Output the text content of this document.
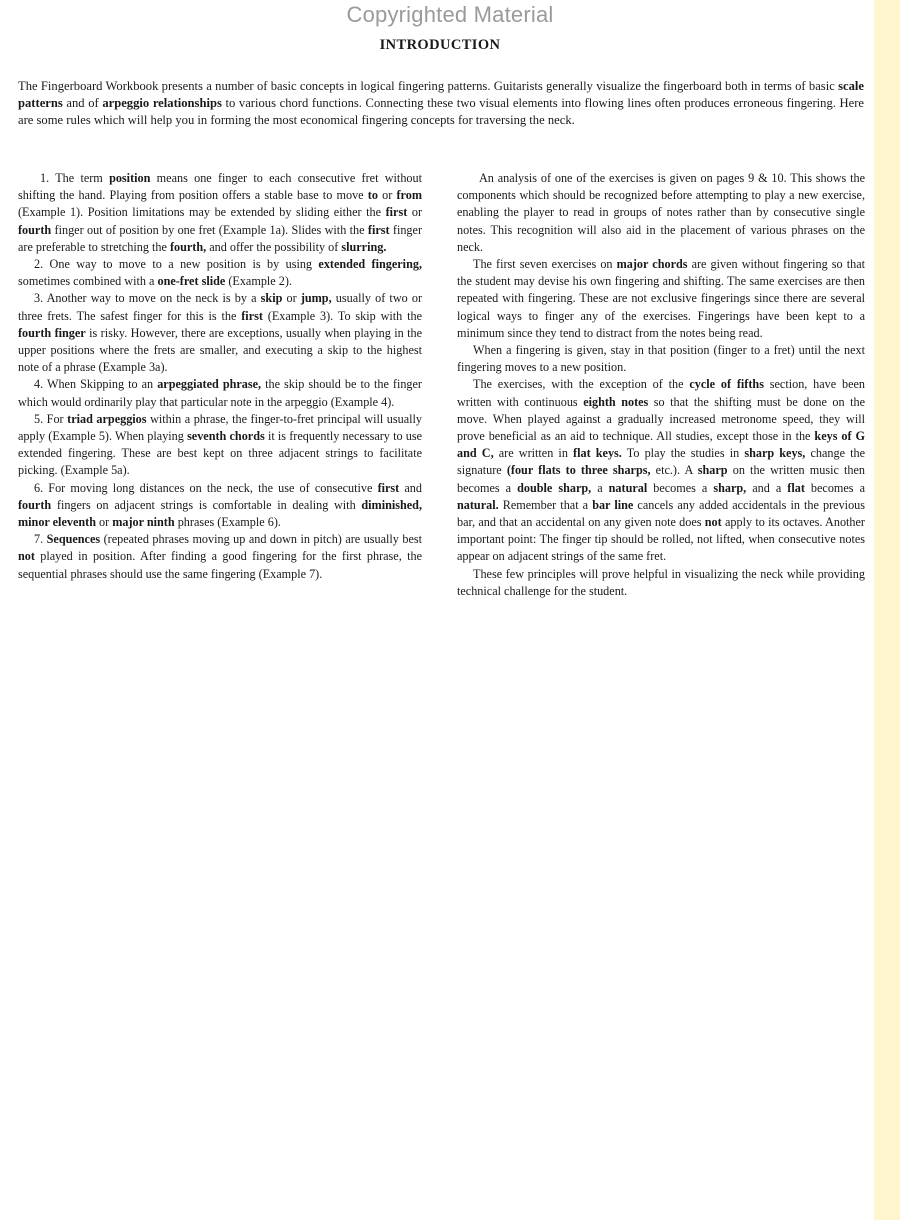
Copyrighted Material
INTRODUCTION

The Fingerboard Workbook presents a number of basic concepts in logical fingering patterns. Guitarists generally visualize the fingerboard both in terms of basic scale patterns and of arpeggio relationships to various chord functions. Connecting these two visual elements into flowing lines often produces erroneous fingering. Here are some rules which will help you in forming the most economical fingering concepts for traversing the neck.

1. The term position means one finger to each consecutive fret without shifting the hand. Playing from position offers a stable base to move to or from (Example 1). Position limitations may be extended by sliding either the first or fourth finger out of position by one fret (Example 1a). Slides with the first finger are preferable to stretching the fourth, and offer the possibility of slurring.

2. One way to move to a new position is by using extended fingering, sometimes combined with a one-fret slide (Example 2).

3. Another way to move on the neck is by a skip or jump, usually of two or three frets. The safest finger for this is the first (Example 3). To skip with the fourth finger is risky. However, there are exceptions, usually when playing in the upper positions where the frets are smaller, and executing a skip to the highest note of a phrase (Example 3a).

4. When Skipping to an arpeggiated phrase, the skip should be to the finger which would ordinarily play that particular note in the arpeggio (Example 4).

5. For triad arpeggios within a phrase, the finger-to-fret principal will usually apply (Example 5). When playing seventh chords it is frequently necessary to use extended fingering. These are best kept on three adjacent strings to facilitate picking. (Example 5a).

6. For moving long distances on the neck, the use of consecutive first and fourth fingers on adjacent strings is comfortable in dealing with diminished, minor eleventh or major ninth phrases (Example 6).

7. Sequences (repeated phrases moving up and down in pitch) are usually best not played in position. After finding a good fingering for the first phrase, the sequential phrases should use the same fingering (Example 7).

An analysis of one of the exercises is given on pages 9 & 10. This shows the components which should be recognized before attempting to play a new exercise, enabling the player to read in groups of notes rather than by consecutive single notes. This recognition will also aid in the placement of various phrases on the neck.

The first seven exercises on major chords are given without fingering so that the student may devise his own fingering and shifting. The same exercises are then repeated with fingering. These are not exclusive fingerings since there are several logical ways to finger any of the exercises. Fingerings have been kept to a minimum since they tend to distract from the notes being read.

When a fingering is given, stay in that position (finger to a fret) until the next fingering moves to a new position.

The exercises, with the exception of the cycle of fifths section, have been written with continuous eighth notes so that the shifting must be done on the move. When played against a gradually increased metronome speed, they will prove beneficial as an aid to technique. All studies, except those in the keys of G and C, are written in flat keys. To play the studies in sharp keys, change the signature (four flats to three sharps, etc.). A sharp on the written music then becomes a double sharp, a natural becomes a sharp, and a flat becomes a natural. Remember that a bar line cancels any added accidentals in the previous bar, and that an accidental on any given note does not apply to its octaves. Another important point: The finger tip should be rolled, not lifted, when consecutive notes appear on adjacent strings of the same fret.

These few principles will prove helpful in visualizing the neck while providing technical challenge for the student.
